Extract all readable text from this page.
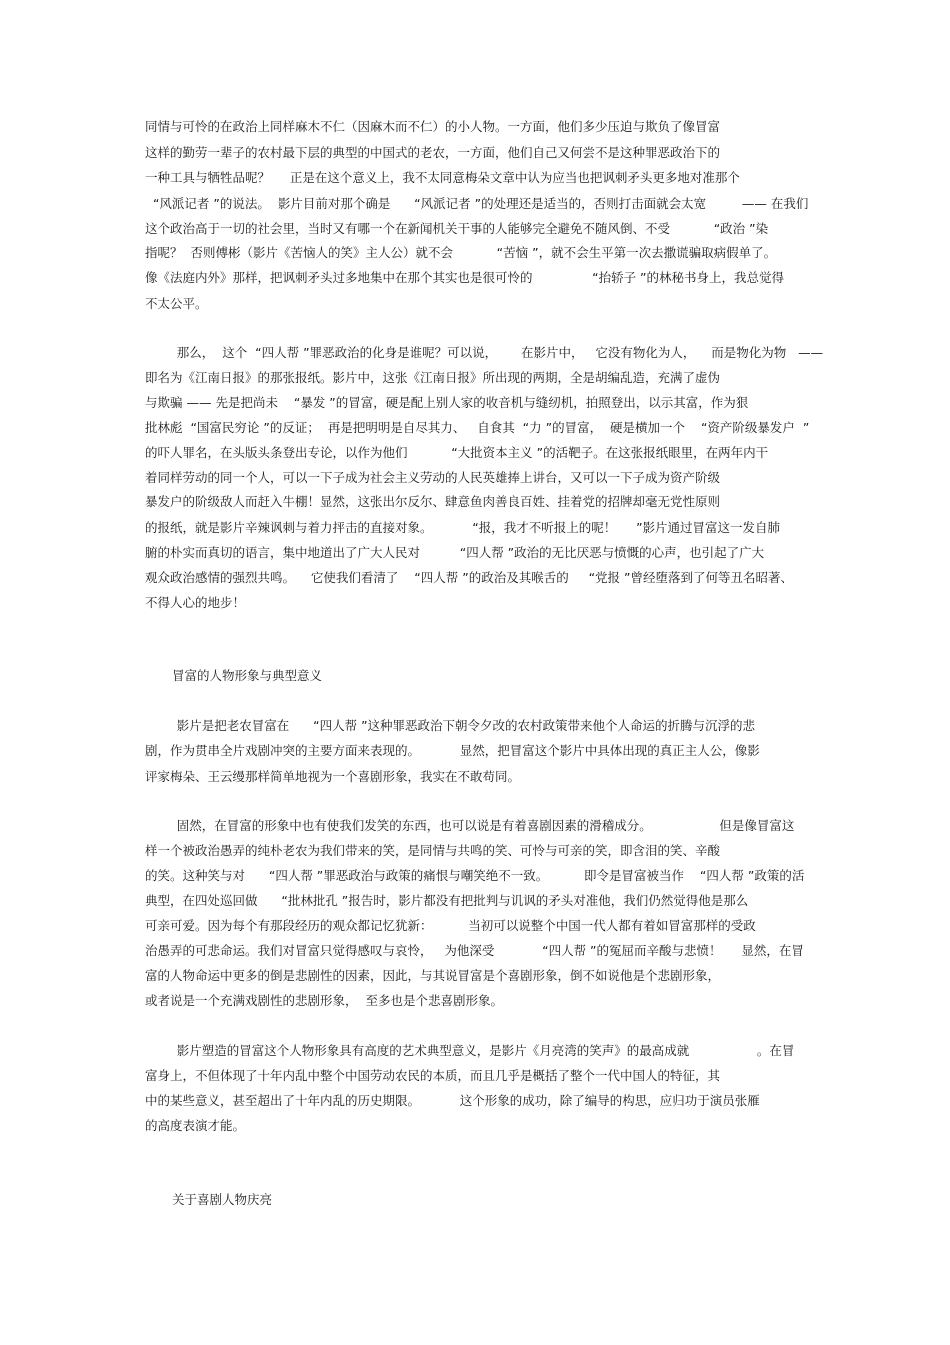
同情与可怜的在政治上同样麻木不仁（因麻木而不仁）的小人物。一方面，他们多少压迫与欺负了像冒富
这样的勤劳一辈子的农村最下层的典型的中国式的老农，一方面，他们自己又何尝不是这种罪恶政治下的
一种工具与牺牲品呢？     正是在这个意义上，我不太同意梅朵文章中认为应当也把讽刺矛头更多地对准那个
“风派记者 ”的说法。  影片目前对那个确是      “风派记者 ”的处理还是适当的，否则打击面就会太宽         —— 在我们
这个政治高于一切的社会里，当时又有哪一个在新闻机关干事的人能够完全避免不随风倒、不受           “政治 ”染
指呢？  否则傅彬（影片《苦恼人的笑》主人公）就不会           “苦恼 ”，就不会生平第一次去撒谎骗取病假单了。
像《法庭内外》那样，把讽刺矛头过多地集中在那个其实也是很可怜的               “抬轿子 ”的林秘书身上，我总觉得
不太公平。
那么，  这个  “四人帮 ”罪恶政治的化身是谁呢？可以说，      在影片中，   它没有物化为人，    而是物化为物   ——
即名为《江南日报》的那张报纸。影片中，这张《江南日报》所出现的两期，全是胡编乱造，充满了虚伪
与欺骗 —— 先是把尚未    “暴发 ”的冒富，硬是配上别人家的收音机与缝纫机，拍照登出，以示其富，作为狠
批林彪  “国富民穷论 ”的反证；  再是把明明是自尽其力、   自食其  “力 ”的冒富，  硬是横加一个    “资产阶级暴发户  ”
的吓人罪名，在头版头条登出专论，以作为他们           “大批资本主义 ”的活靶子。在这张报纸眼里，在两年内干
着同样劳动的同一个人，可以一下子成为社会主义劳动的人民英雄捧上讲台，又可以一下子成为资产阶级
暴发户的阶级敌人而赶入牛棚！显然，这张出尔反尔、肆意鱼肉善良百姓、挂着党的招牌却毫无党性原则
的报纸，就是影片辛辣讽刺与着力抨击的直接对象。          “报，我才不听报上的呢！     ”影片通过冒富这一发自肺
腑的朴实而真切的语言，集中地道出了广大人民对          “四人帮 ”政治的无比厌恶与愤慨的心声，也引起了广大
观众政治感情的强烈共鸣。    它使我们看清了    “四人帮 ”的政治及其喉舌的     “党报 ”曾经堕落到了何等丑名昭著、
不得人心的地步！
冒富的人物形象与典型意义
影片是把老农冒富在      “四人帮 ”这种罪恶政治下朝令夕改的农村政策带来他个人命运的折腾与沉浮的悲
剧，作为贯串全片戏剧冲突的主要方面来表现的。          显然，把冒富这个影片中具体出现的真正主人公，像影
评家梅朵、王云缦那样简单地视为一个喜剧形象，我实在不敢苟同。
固然，在冒富的形象中也有使我们发笑的东西，也可以说是有着喜剧因素的滑稽成分。                 但是像冒富这
样一个被政治愚弄的纯朴老农为我们带来的笑，是同情与共鸣的笑、可怜与可亲的笑，即含泪的笑、辛酸
的笑。这种笑与对      “四人帮 ”罪恶政治与政策的痛恨与嘲笑绝不一致。         即令是冒富被当作    “四人帮 ”政策的活
典型，在四处巡回做      “批林批孔 ”报告时，影片都没有把批判与讥讽的矛头对准他，我们仍然觉得他是那么
可亲可爱。因为每个有那段经历的观众都记忆犹新：         当初可以说整个中国一代人都有着如冒富那样的受政
治愚弄的可悲命运。我们对冒富只觉得感叹与哀怜，   为他深受            “四人帮 ”的冤屈而辛酸与悲愤！     显然，在冒
富的人物命运中更多的倒是悲剧性的因素，因此，与其说冒富是个喜剧形象，倒不如说他是个悲剧形象，
或者说是一个充满戏剧性的悲剧形象，  至多也是个悲喜剧形象。
影片塑造的冒富这个人物形象具有高度的艺术典型意义，是影片《月亮湾的笑声》的最高成就                 。在冒
富身上，不但体现了十年内乱中整个中国劳动农民的本质，而且几乎是概括了整个一代中国人的特征，其
中的某些意义，甚至超出了十年内乱的历史期限。          这个形象的成功，除了编导的构思，应归功于演员张雁
的高度表演才能。
关于喜剧人物庆亮
